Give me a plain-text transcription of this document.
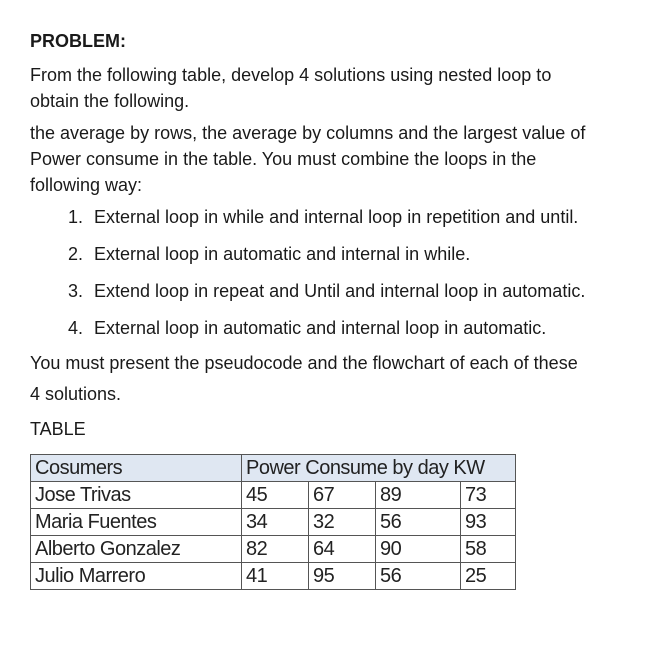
PROBLEM:

From the following table, develop 4 solutions using nested loop to
obtain the following.

the average by rows, the average by columns and the largest value of
Power consume in the table. You must combine the loops in the
following way:

1. External loop in while and internal loop in repetition and until.
2. External loop in automatic and internal in while.
3. Extend loop in repeat and Until and internal loop in automatic.
4. External loop in automatic and internal loop in automatic.

You must present the pseudocode and the flowchart of each of these
4 solutions.

TABLE
Cosumers	Power Consume by day KW			
Jose Trivas	45	67	89	73
Maria Fuentes	34	32	56	93
Alberto Gonzalez	82	64	90	58
Julio Marrero	41	95	56	25
